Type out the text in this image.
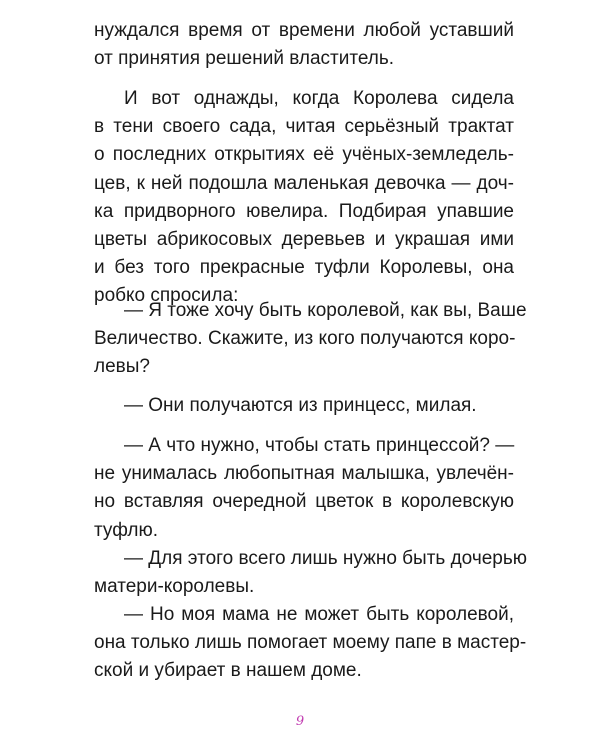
нуждался время от времени любой уставший
от принятия решений властитель.
И вот однажды, когда Королева сидела
в тени своего сада, читая серьёзный трактат
о последних открытиях её учёных-земледель-
цев, к ней подошла маленькая девочка — доч-
ка придворного ювелира. Подбирая упавшие
цветы абрикосовых деревьев и украшая ими
и без того прекрасные туфли Королевы, она
робко спросила:
— Я тоже хочу быть королевой, как вы, Ваше
Величество. Скажите, из кого получаются коро-
левы?
— Они получаются из принцесс, милая.
— А что нужно, чтобы стать принцессой? —
не унималась любопытная малышка, увлечён-
но вставляя очередной цветок в королевскую
туфлю.
— Для этого всего лишь нужно быть дочерью
матери-королевы.
— Но моя мама не может быть королевой,
она только лишь помогает моему папе в мастер-
ской и убирает в нашем доме.
9
